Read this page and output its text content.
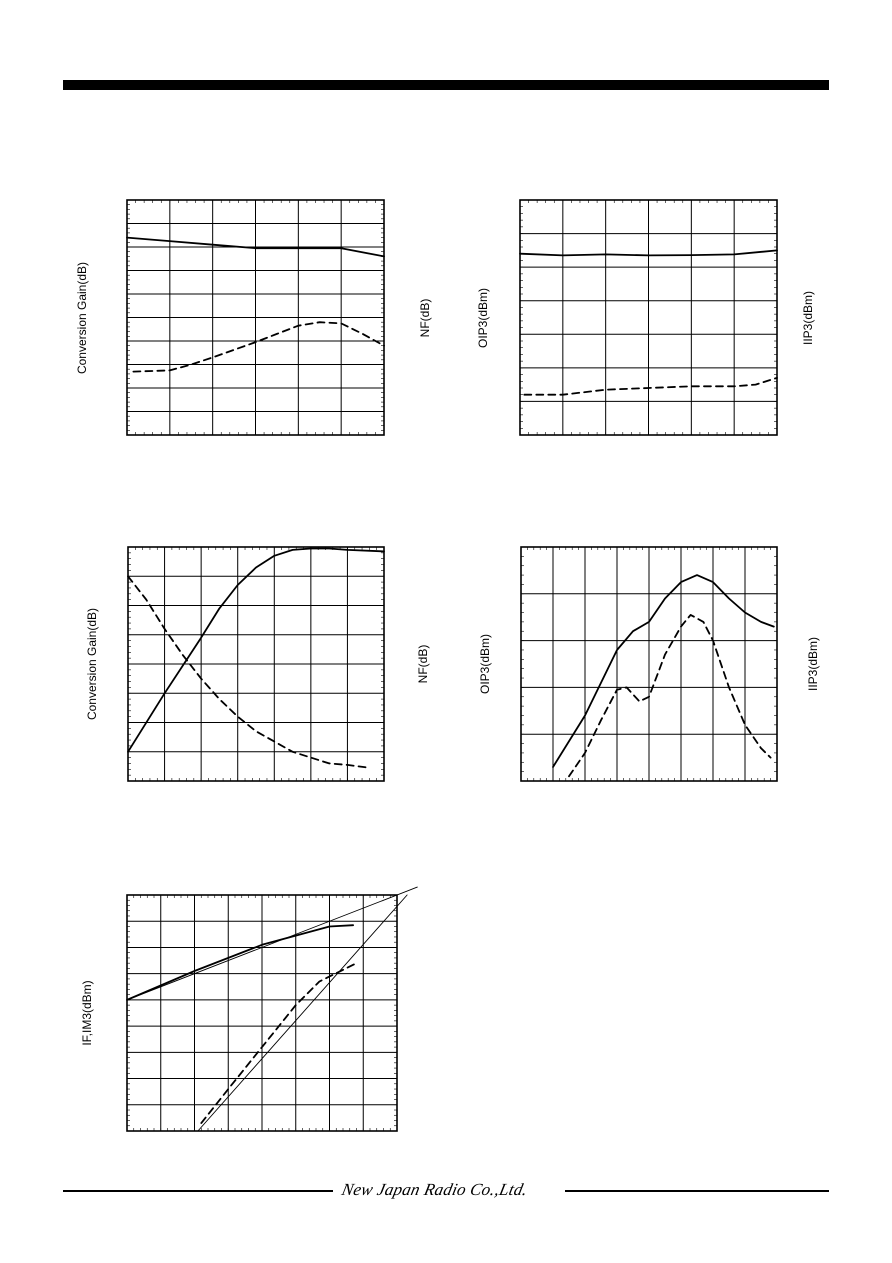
Conversion Gain(dB)	NF(dB)	OIP3(dBm)	IIP3(dBm)
Conversion Gain(dB)	NF(dB)	OIP3(dBm)	IIP3(dBm)
IF,IM3(dBm)
New Japan Radio Co.,Ltd.
